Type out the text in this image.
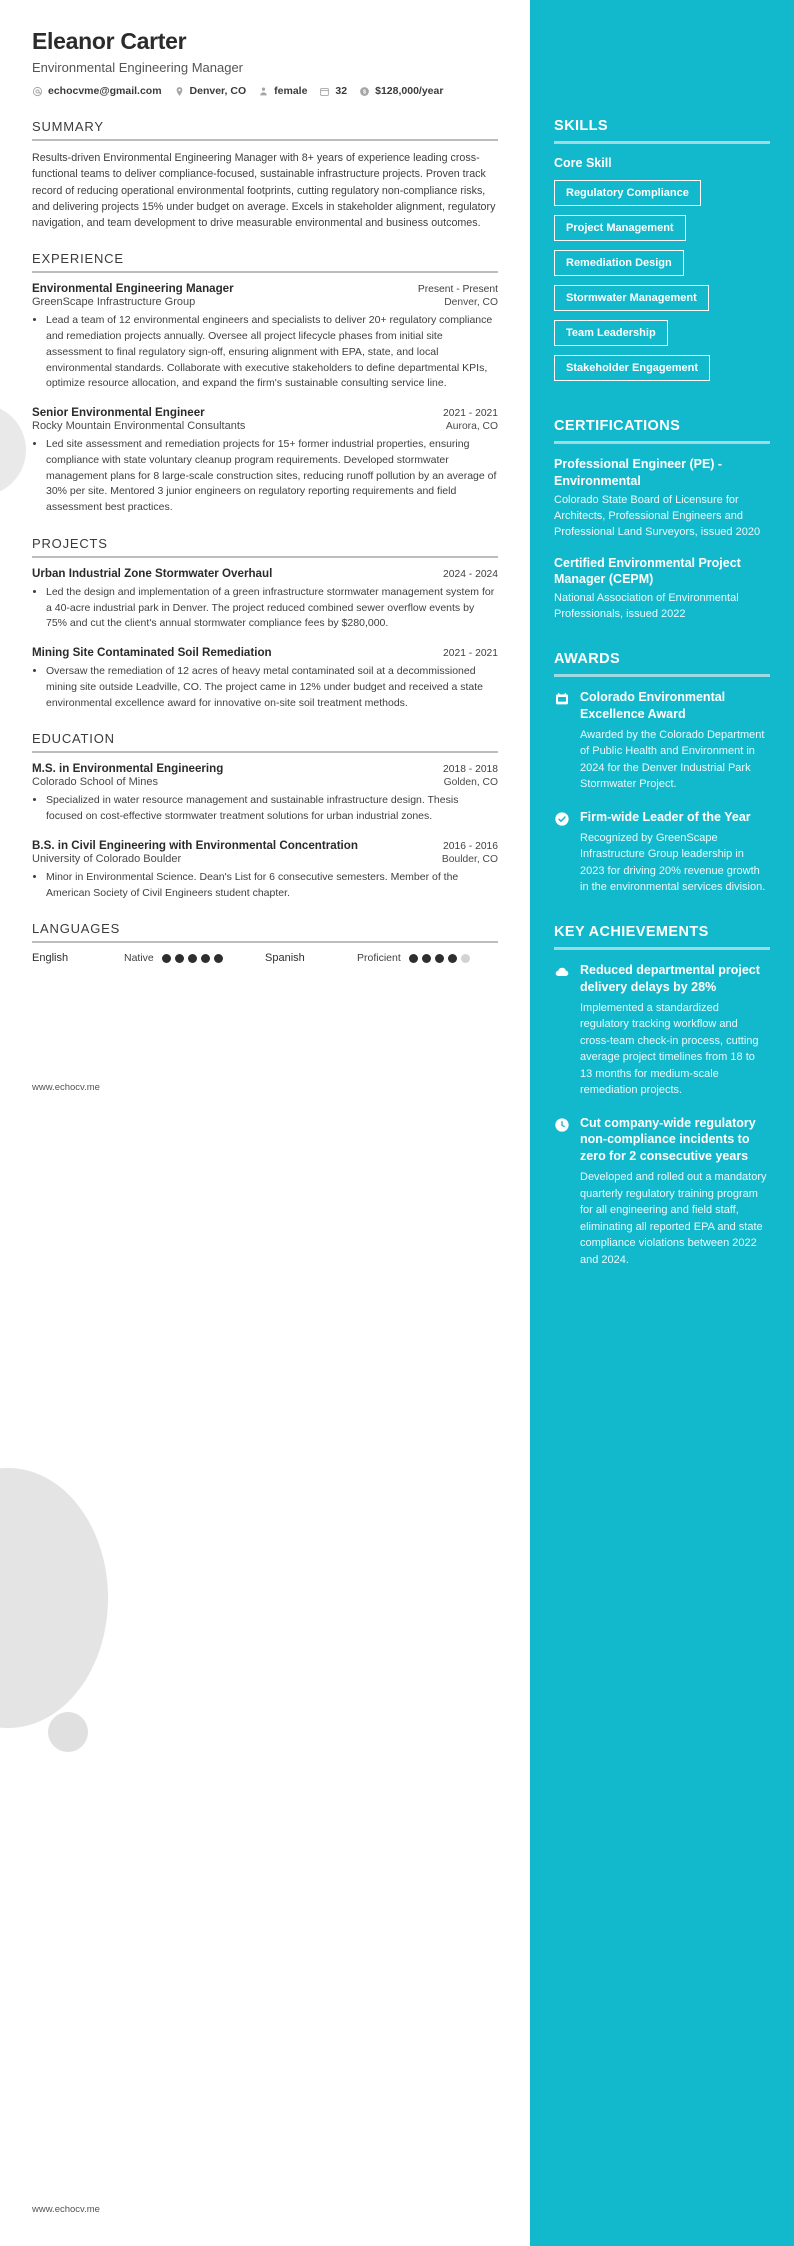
SKILLS
Core Skill
Regulatory Compliance
Project Management
Remediation Design
Stormwater Management
Team Leadership
Stakeholder Engagement
CERTIFICATIONS
Professional Engineer (PE) - Environmental
Colorado State Board of Licensure for Architects, Professional Engineers and Professional Land Surveyors, issued 2020
Certified Environmental Project Manager (CEPM)
National Association of Environmental Professionals, issued 2022
AWARDS
Colorado Environmental Excellence Award
Awarded by the Colorado Department of Public Health and Environment in 2024 for the Denver Industrial Park Stormwater Project.
Firm-wide Leader of the Year
Recognized by GreenScape Infrastructure Group leadership in 2023 for driving 20% revenue growth in the environmental services division.
KEY ACHIEVEMENTS
Reduced departmental project delivery delays by 28%
Implemented a standardized regulatory tracking workflow and cross-team check-in process, cutting average project timelines from 18 to 13 months for medium-scale remediation projects.
Cut company-wide regulatory non-compliance incidents to zero for 2 consecutive years
Developed and rolled out a mandatory quarterly regulatory training program for all engineering and field staff, eliminating all reported EPA and state compliance violations between 2022 and 2024.
Eleanor Carter
Environmental Engineering Manager
echocvme@gmail.com	Denver, CO	female	32 $ $128,000/year
SUMMARY

Results-driven Environmental Engineering Manager with 8+ years of experience leading cross-functional teams to deliver compliance-focused, sustainable infrastructure projects. Proven track record of reducing operational environmental footprints, cutting regulatory non-compliance risks, and delivering projects 15% under budget on average. Excels in stakeholder alignment, regulatory navigation, and team development to drive measurable environmental and business outcomes.

EXPERIENCE
Environmental Engineering Manager	Present - Present
GreenScape Infrastructure Group	Denver, CO
• Lead a team of 12 environmental engineers and specialists to deliver 20+ regulatory compliance and remediation projects annually. Oversee all project lifecycle phases from initial site assessment to final regulatory sign-off, ensuring alignment with EPA, state, and local environmental standards. Collaborate with executive stakeholders to define departmental KPIs, optimize resource allocation, and expand the firm's sustainable consulting service line.
Senior Environmental Engineer	2021 - 2021
Rocky Mountain Environmental Consultants	Aurora, CO
• Led site assessment and remediation projects for 15+ former industrial properties, ensuring compliance with state voluntary cleanup program requirements. Developed stormwater management plans for 8 large-scale construction sites, reducing runoff pollution by an average of 30% per site. Mentored 3 junior engineers on regulatory reporting requirements and field assessment best practices.
PROJECTS
Urban Industrial Zone Stormwater Overhaul	2024 - 2024
• Led the design and implementation of a green infrastructure stormwater management system for a 40-acre industrial park in Denver. The project reduced combined sewer overflow events by 75% and cut the client's annual stormwater compliance fees by $280,000.
Mining Site Contaminated Soil Remediation	2021 - 2021
• Oversaw the remediation of 12 acres of heavy metal contaminated soil at a decommissioned mining site outside Leadville, CO. The project came in 12% under budget and received a state environmental excellence award for innovative on-site soil treatment methods.
EDUCATION
M.S. in Environmental Engineering	2018 - 2018
Colorado School of Mines	Golden, CO
• Specialized in water resource management and sustainable infrastructure design. Thesis focused on cost-effective stormwater treatment solutions for urban industrial zones.
B.S. in Civil Engineering with Environmental Concentration	2016 - 2016
University of Colorado Boulder	Boulder, CO
• Minor in Environmental Science. Dean's List for 6 consecutive semesters. Member of the American Society of Civil Engineers student chapter.
LANGUAGES
English	Native	Spanish	Proficient
www.echocv.me
www.echocv.me
